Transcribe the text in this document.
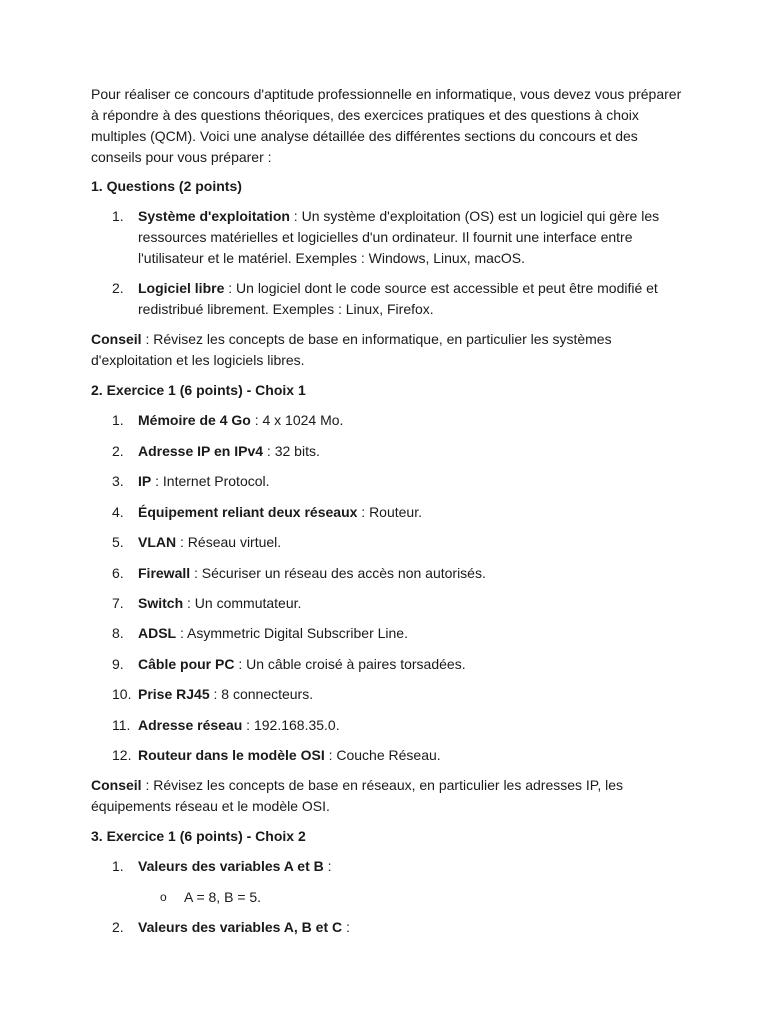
Pour réaliser ce concours d'aptitude professionnelle en informatique, vous devez vous préparer à répondre à des questions théoriques, des exercices pratiques et des questions à choix multiples (QCM). Voici une analyse détaillée des différentes sections du concours et des conseils pour vous préparer :

1. Questions (2 points)

1.	Système d'exploitation : Un système d'exploitation (OS) est un logiciel qui gère les ressources matérielles et logicielles d'un ordinateur. Il fournit une interface entre l'utilisateur et le matériel. Exemples : Windows, Linux, macOS.
2.	Logiciel libre : Un logiciel dont le code source est accessible et peut être modifié et redistribué librement. Exemples : Linux, Firefox.

Conseil : Révisez les concepts de base en informatique, en particulier les systèmes d'exploitation et les logiciels libres.

2. Exercice 1 (6 points) - Choix 1

1.	Mémoire de 4 Go : 4 x 1024 Mo.
2.	Adresse IP en IPv4 : 32 bits.
3.	IP : Internet Protocol.
4.	Équipement reliant deux réseaux : Routeur.
5.	VLAN : Réseau virtuel.
6.	Firewall : Sécuriser un réseau des accès non autorisés.
7.	Switch : Un commutateur.
8.	ADSL : Asymmetric Digital Subscriber Line.
9.	Câble pour PC : Un câble croisé à paires torsadées.
10. Prise RJ45 : 8 connecteurs.
11. Adresse réseau : 192.168.35.0.
12. Routeur dans le modèle OSI : Couche Réseau.

Conseil : Révisez les concepts de base en réseaux, en particulier les adresses IP, les équipements réseau et le modèle OSI.

3. Exercice 1 (6 points) - Choix 2

1.	Valeurs des variables A et B :
o A = 8, B = 5.
2.	Valeurs des variables A, B et C :
